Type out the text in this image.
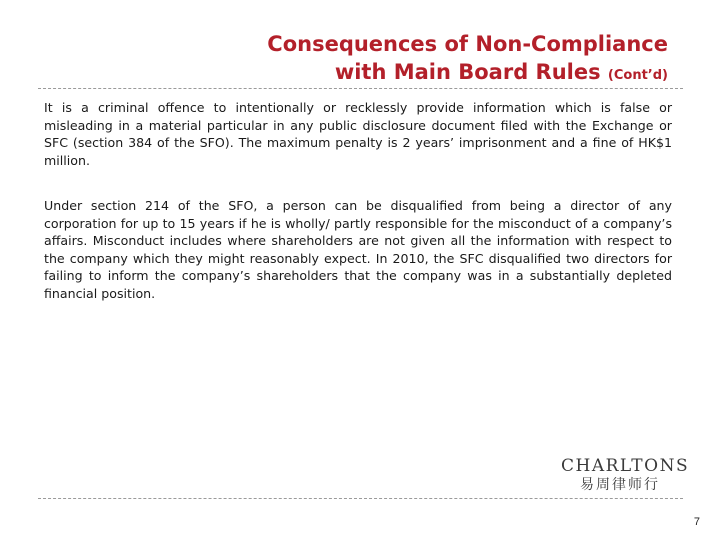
Consequences of Non-Compliance
with Main Board Rules (Cont’d)
It is a criminal offence to intentionally or recklessly provide information which is false or misleading in a material particular in any public disclosure document filed with the Exchange or SFC (section 384 of the SFO). The maximum penalty is 2 years’ imprisonment and a fine of HK$1 million.
Under section 214 of the SFO, a person can be disqualified from being a director of any corporation for up to 15 years if he is wholly/ partly responsible for the misconduct of a company’s affairs. Misconduct includes where shareholders are not given all the information with respect to the company which they might reasonably expect. In 2010, the SFC disqualified two directors for failing to inform the company’s shareholders that the company was in a substantially depleted financial position.
CHARLTONS
易周律师行
7
